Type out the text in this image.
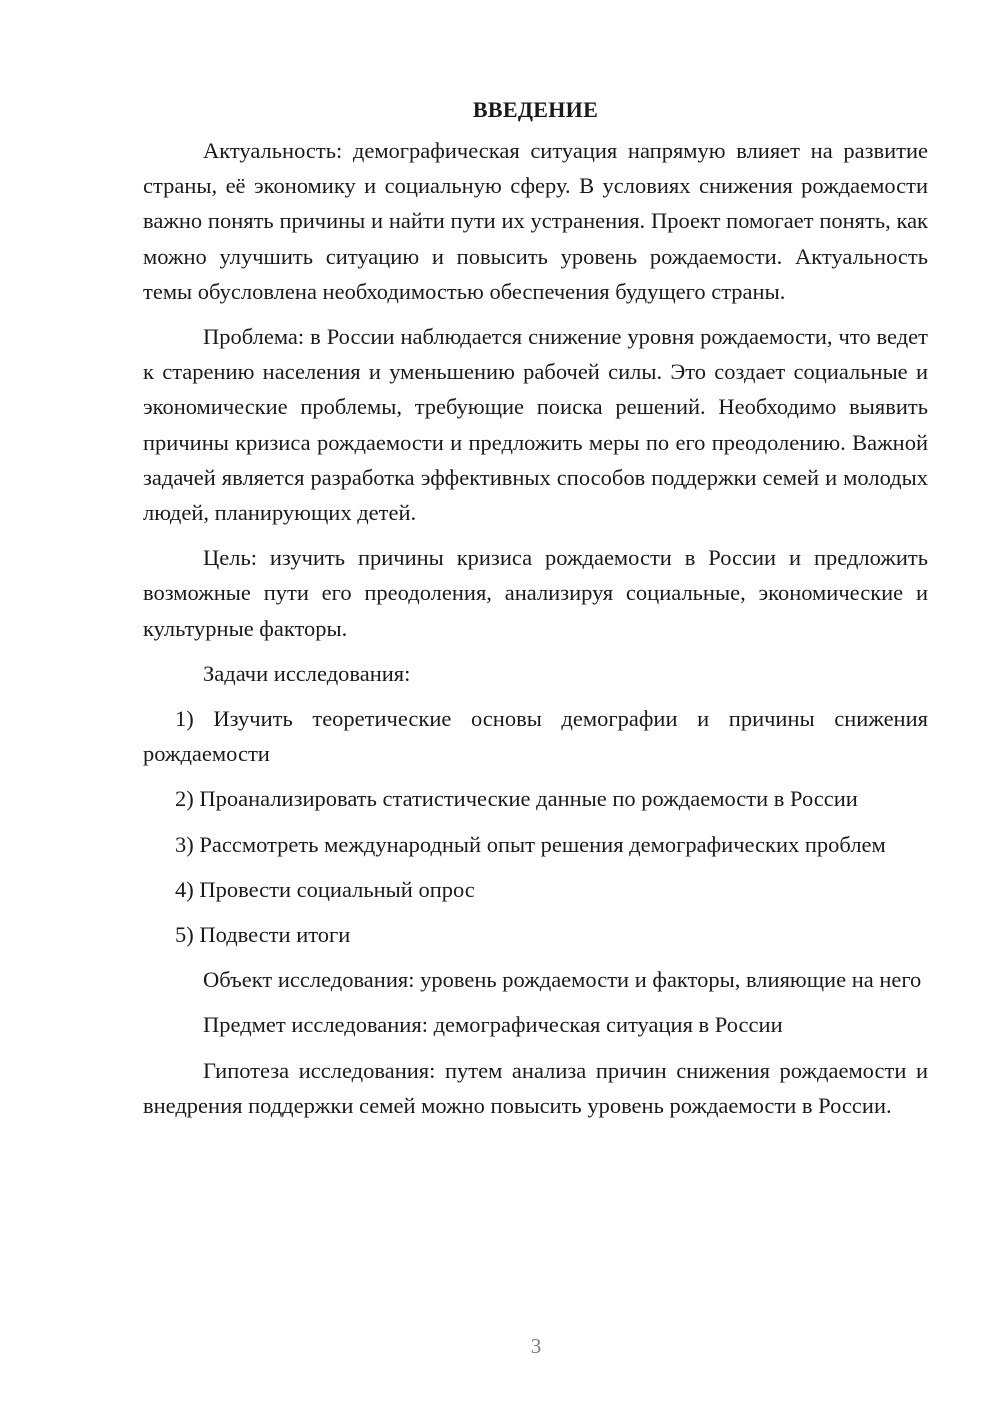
ВВЕДЕНИЕ

Актуальность: демографическая ситуация напрямую влияет на развитие страны, её экономику и социальную сферу. В условиях снижения рождаемости важно понять причины и найти пути их устранения. Проект помогает понять, как можно улучшить ситуацию и повысить уровень рождаемости. Актуальность темы обусловлена необходимостью обеспечения будущего страны.

Проблема: в России наблюдается снижение уровня рождаемости, что ведет к старению населения и уменьшению рабочей силы. Это создает социальные и экономические проблемы, требующие поиска решений. Необходимо выявить причины кризиса рождаемости и предложить меры по его преодолению. Важной задачей является разработка эффективных способов поддержки семей и молодых людей, планирующих детей.

Цель: изучить причины кризиса рождаемости в России и предложить возможные пути его преодоления, анализируя социальные, экономические и культурные факторы.

Задачи исследования:

1) Изучить теоретические основы демографии и причины снижения рождаемости

2) Проанализировать статистические данные по рождаемости в России

3) Рассмотреть международный опыт решения демографических проблем

4) Провести социальный опрос

5) Подвести итоги

Объект исследования: уровень рождаемости и факторы, влияющие на него

Предмет исследования: демографическая ситуация в России

Гипотеза исследования: путем анализа причин снижения рождаемости и внедрения поддержки семей можно повысить уровень рождаемости в России.

3
